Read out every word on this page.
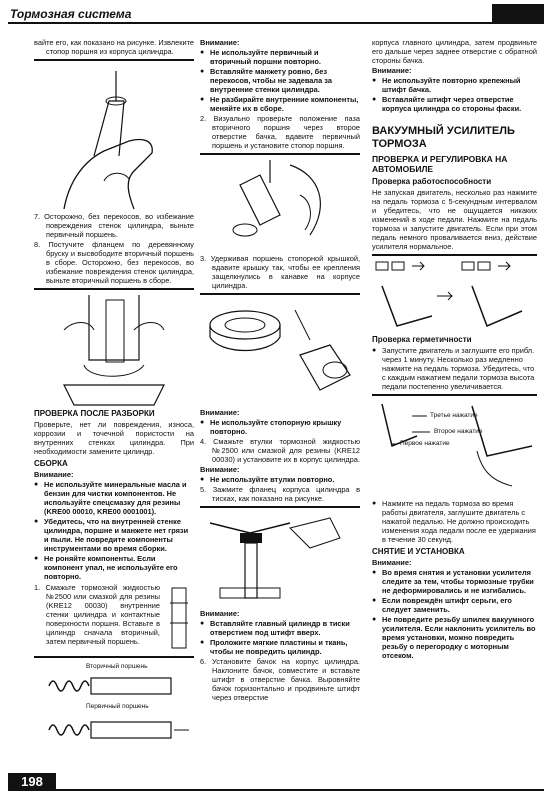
Тормозная система

вайте его, как показано на рисунке. Извлеките стопор поршня из корпуса цилиндра.

7. Осторожно, без перекосов, во избежание повреждения стенок цилиндра, выньте первичный поршень.

8. Постучите фланцем по деревянному бруску и высвободите вторичный поршень в сборе. Осторожно, без перекосов, во избежание повреждения стенок цилиндра, выньте вторичный поршень в сборе.

ПРОВЕРКА ПОСЛЕ РАЗБОРКИ

Проверьте, нет ли повреждения, износа, коррозии и точечной пористости на внутренних стенках цилиндра. При необходимости замените цилиндр.

СБОРКА

Внимание:

● Не используйте минеральные масла и бензин для чистки компонентов. Не используйте спецсмазку для резины (KRE00 00010, KRE00 0001001).
● Убедитесь, что на внутренней стенке цилиндра, поршне и манжете нет грязи и пыли. Не повредите компоненты инструментами во время сборки.
● Не роняйте компоненты. Если компонент упал, не используйте его повторно.

1. Смажьте тормозной жидкостью №2500 или смазкой для резины (KRE12 00030) внутренние стенки цилиндра и контактные поверхности поршня. Вставьте в цилиндр сначала вторичный, затем первичный поршень.

Вторичный поршень
Первичный поршень

Внимание:

● Не используйте первичный и вторичный поршни повторно.
● Вставляйте манжету ровно, без перекосов, чтобы не задевала за внутренние стенки цилиндра.
● Не разбирайте внутренние компоненты, меняйте их в сборе.

2. Визуально проверьте положение паза вторичного поршня через второе отверстие бачка, вдавите первичный поршень и установите стопор поршня.

3. Удерживая поршень стопорной крышкой, вдавите крышку так, чтобы ее крепления защелкнулись в канавке на корпусе цилиндра.

Внимание:

● Не используйте стопорную крышку повторно.

4. Смажьте втулки тормозной жидкостью №2500 или смазкой для резины (KRE12 00030) и установите их в корпус цилиндра.

Внимание:

● Не используйте втулки повторно.

5. Зажмите фланец корпуса цилиндра в тисках, как показано на рисунке.

Внимание:

● Вставляйте главный цилиндр в тиски отверстием под штифт вверх.
● Проложите мягкие пластины и ткань, чтобы не повредить цилиндр.

6. Установите бачок на корпус цилиндра. Наклоните бачок, совместите и вставьте штифт в отверстие бачка. Выровняйте бачок горизонтально и продвиньте штифт через отверстие

корпуса главного цилиндра, затем продвиньте его дальше через заднее отверстие с обратной стороны бачка.

Внимание:

● Не используйте повторно крепежный штифт бачка.
● Вставляйте штифт через отверстие корпуса цилиндра со стороны фаски.
ВАКУУМНЫЙ УСИЛИТЕЛЬ ТОРМОЗА
ПРОВЕРКА И РЕГУЛИРОВКА НА АВТОМОБИЛЕ
Проверка работоспособности

Не запуская двигатель, несколько раз нажмите на педаль тормоза с 5-секундным интервалом и убедитесь, что не ощущается никаких изменений в ходе педали. Нажмите на педаль тормоза и запустите двигатель. Если при этом педаль немного проваливается вниз, действие усилителя нормальное.

Проверка герметичности
● Запустите двигатель и заглушите его прибл. через 1 минуту. Несколько раз медленно нажмите на педаль тормоза. Убедитесь, что с каждым нажатием педали тормоза высота педали постепенно увеличивается.
Третье нажатие
Второе нажатие
Первое нажатие
● Нажмите на педаль тормоза во время работы двигателя, заглушите двигатель с нажатой педалью. Не должно происходить изменения хода педали после ее удержания в течение 30 секунд.
СНЯТИЕ И УСТАНОВКА

Внимание:

● Во время снятия и установки усилителя следите за тем, чтобы тормозные трубки не деформировались и не изгибались.
● Если повреждён штифт серьги, его следует заменить.
● Не повредите резьбу шпилек вакуумного усилителя. Если наклонить усилитель во время установки, можно повредить резьбу о перегородку с моторным отсеком.
198
